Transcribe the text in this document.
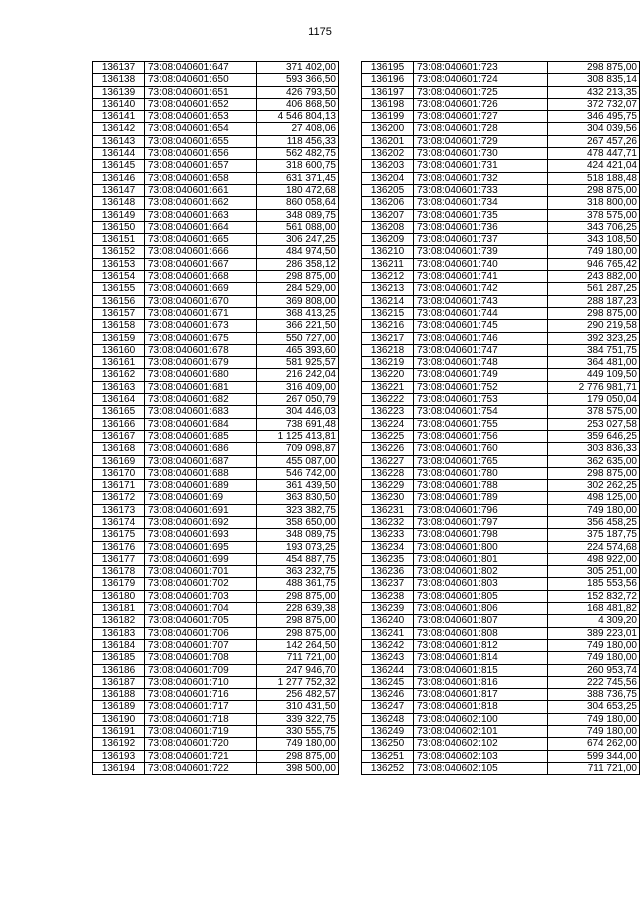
1175
136137	73:08:040601:647	371 402,00
136138	73:08:040601:650	593 366,50
136139	73:08:040601:651	426 793,50
136140	73:08:040601:652	406 868,50
136141	73:08:040601:653	4 546 804,13
136142	73:08:040601:654	27 408,06
136143	73:08:040601:655	118 456,33
136144	73:08:040601:656	562 482,75
136145	73:08:040601:657	318 600,75
136146	73:08:040601:658	631 371,45
136147	73:08:040601:661	180 472,68
136148	73:08:040601:662	860 058,64
136149	73:08:040601:663	348 089,75
136150	73:08:040601:664	561 088,00
136151	73:08:040601:665	306 247,25
136152	73:08:040601:666	484 974,50
136153	73:08:040601:667	286 358,12
136154	73:08:040601:668	298 875,00
136155	73:08:040601:669	284 529,00
136156	73:08:040601:670	369 808,00
136157	73:08:040601:671	368 413,25
136158	73:08:040601:673	366 221,50
136159	73:08:040601:675	550 727,00
136160	73:08:040601:678	465 393,60
136161	73:08:040601:679	581 925,57
136162	73:08:040601:680	216 242,04
136163	73:08:040601:681	316 409,00
136164	73:08:040601:682	267 050,79
136165	73:08:040601:683	304 446,03
136166	73:08:040601:684	738 691,48
136167	73:08:040601:685	1 125 413,81
136168	73:08:040601:686	709 098,87
136169	73:08:040601:687	455 087,00
136170	73:08:040601:688	546 742,00
136171	73:08:040601:689	361 439,50
136172	73:08:040601:69	363 830,50
136173	73:08:040601:691	323 382,75
136174	73:08:040601:692	358 650,00
136175	73:08:040601:693	348 089,75
136176	73:08:040601:695	193 073,25
136177	73:08:040601:699	454 887,75
136178	73:08:040601:701	363 232,75
136179	73:08:040601:702	488 361,75
136180	73:08:040601:703	298 875,00
136181	73:08:040601:704	228 639,38
136182	73:08:040601:705	298 875,00
136183	73:08:040601:706	298 875,00
136184	73:08:040601:707	142 264,50
136185	73:08:040601:708	711 721,00
136186	73:08:040601:709	247 946,70
136187	73:08:040601:710	1 277 752,32
136188	73:08:040601:716	256 482,57
136189	73:08:040601:717	310 431,50
136190	73:08:040601:718	339 322,75
136191	73:08:040601:719	330 555,75
136192	73:08:040601:720	749 180,00
136193	73:08:040601:721	298 875,00
136194	73:08:040601:722	398 500,00
136195	73:08:040601:723	298 875,00
136196	73:08:040601:724	308 835,14
136197	73:08:040601:725	432 213,35
136198	73:08:040601:726	372 732,07
136199	73:08:040601:727	346 495,75
136200	73:08:040601:728	304 039,56
136201	73:08:040601:729	267 457,26
136202	73:08:040601:730	478 447,71
136203	73:08:040601:731	424 421,04
136204	73:08:040601:732	518 188,48
136205	73:08:040601:733	298 875,00
136206	73:08:040601:734	318 800,00
136207	73:08:040601:735	378 575,00
136208	73:08:040601:736	343 706,25
136209	73:08:040601:737	343 108,50
136210	73:08:040601:739	749 180,00
136211	73:08:040601:740	946 765,42
136212	73:08:040601:741	243 882,00
136213	73:08:040601:742	561 287,25
136214	73:08:040601:743	288 187,23
136215	73:08:040601:744	298 875,00
136216	73:08:040601:745	290 219,58
136217	73:08:040601:746	392 323,25
136218	73:08:040601:747	384 751,75
136219	73:08:040601:748	364 481,00
136220	73:08:040601:749	449 109,50
136221	73:08:040601:752	2 776 981,71
136222	73:08:040601:753	179 050,04
136223	73:08:040601:754	378 575,00
136224	73:08:040601:755	253 027,58
136225	73:08:040601:756	359 646,25
136226	73:08:040601:760	303 836,33
136227	73:08:040601:765	362 635,00
136228	73:08:040601:780	298 875,00
136229	73:08:040601:788	302 262,25
136230	73:08:040601:789	498 125,00
136231	73:08:040601:796	749 180,00
136232	73:08:040601:797	356 458,25
136233	73:08:040601:798	375 187,75
136234	73:08:040601:800	224 574,68
136235	73:08:040601:801	498 922,00
136236	73:08:040601:802	305 251,00
136237	73:08:040601:803	185 553,56
136238	73:08:040601:805	152 832,72
136239	73:08:040601:806	168 481,82
136240	73:08:040601:807	4 309,20
136241	73:08:040601:808	389 223,01
136242	73:08:040601:812	749 180,00
136243	73:08:040601:814	749 180,00
136244	73:08:040601:815	260 953,74
136245	73:08:040601:816	222 745,56
136246	73:08:040601:817	388 736,75
136247	73:08:040601:818	304 653,25
136248	73:08:040602:100	749 180,00
136249	73:08:040602:101	749 180,00
136250	73:08:040602:102	674 262,00
136251	73:08:040602:103	599 344,00
136252	73:08:040602:105	711 721,00
